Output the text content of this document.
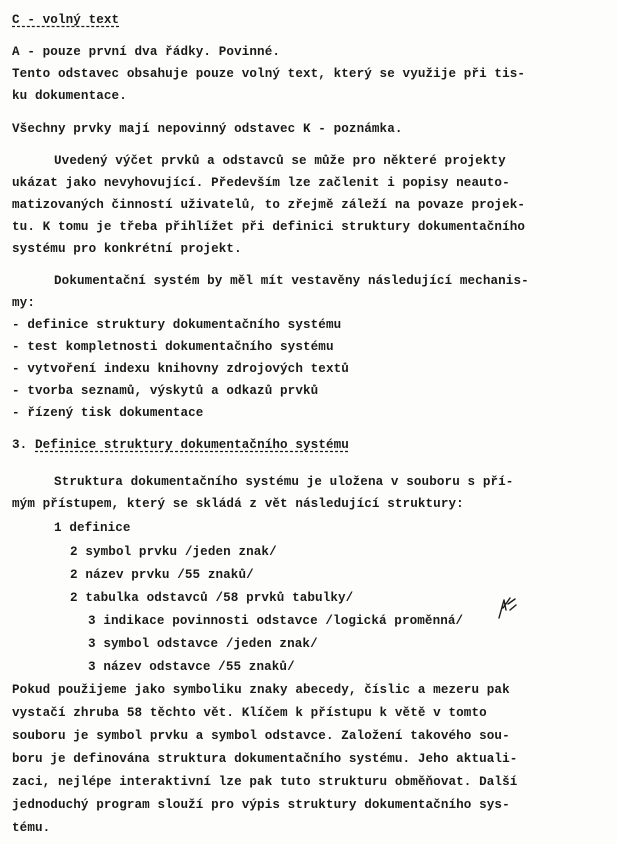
C - volný text
A - pouze první dva řádky. Povinné.
Tento odstavec obsahuje pouze volný text, který se využije při tis-
ku dokumentace.
Všechny prvky mají nepovinný odstavec K - poznámka.
Uvedený výčet prvků a odstavců se může pro některé projekty
ukázat jako nevyhovující. Především lze začlenit i popisy neauto-
matizovaných činností uživatelů, to zřejmě záleží na povaze projek-
tu. K tomu je třeba přihlížet při definici struktury dokumentačního
systému pro konkrétní projekt.
Dokumentační systém by měl mít vestavěny následující mechanis-
my:
- definice struktury dokumentačního systému
- test kompletnosti dokumentačního systému
- vytvoření indexu knihovny zdrojových textů
- tvorba seznamů, výskytů a odkazů prvků
- řízený tisk dokumentace
3. Definice struktury dokumentačního systému
Struktura dokumentačního systému je uložena v souboru s pří-
mým přístupem, který se skládá z vět následující struktury:
1 definice
2 symbol prvku /jeden znak/
2 název prvku /55 znaků/
2 tabulka odstavců /58 prvků tabulky/
3 indikace povinnosti odstavce /logická proměnná/
3 symbol odstavce /jeden znak/
3 název odstavce /55 znaků/
Pokud použijeme jako symboliku znaky abecedy, číslic a mezeru pak
vystačí zhruba 58 těchto vět. Klíčem k přístupu k větě v tomto
souboru je symbol prvku a symbol odstavce. Založení takového sou-
boru je definována struktura dokumentačního systému. Jeho aktuali-
zaci, nejlépe interaktivní lze pak tuto strukturu obměňovat. Další
jednoduchý program slouží pro výpis struktury dokumentačního sys-
tému.
